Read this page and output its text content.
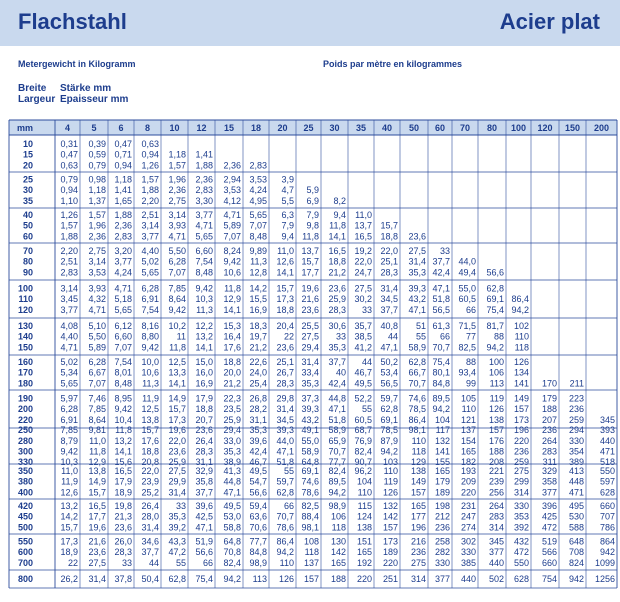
Flachstahl	Acier plat
Metergewicht in Kilogramm	Poids par mètre en kilogrammes
Breite Stärke mm
Largeur Epaisseur mm
mm	4 5 6 8 10 12 15 18 20 25 30 35 40 50 60 70 80 100 120 150 200
10	0,31 0,39 0,47 0,63
15	0,47 0,59 0,71 0,94 1,18 1,41
20	0,63 0,79 0,94 1,26 1,57 1,88 2,36 2,83
25	0,79 0,98 1,18 1,57 1,96 2,36 2,94 3,53 3,9
30	0,94 1,18 1,41 1,88 2,36 2,83 3,53 4,24 4,7 5,9
35	1,10 1,37 1,65 2,20 2,75 3,30 4,12 4,95 5,5 6,9 8,2
40	1,26 1,57 1,88 2,51 3,14 3,77 4,71 5,65 6,3 7,9 9,4 11,0
50	1,57 1,96 2,36 3,14 3,93 4,71 5,89 7,07 7,9 9,8 11,8 13,7 15,7
60	1,88 2,36 2,83 3,77 4,71 5,65 7,07 8,48 9,4 11,8 14,1 16,5 18,8 23,6
70	2,20 2,75 3,20 4,40 5,50 6,60 8,24 9,89 11,0 13,7 16,5 19,2 22,0 27,5 33
80	2,51 3,14 3,77 5,02 6,28 7,54 9,42 11,3 12,6 15,7 18,8 22,0 25,1 31,4 37,7 44,0
90	2,83 3,53 4,24 5,65 7,07 8,48 10,6 12,8 14,1 17,7 21,2 24,7 28,3 35,3 42,4 49,4 56,6
100	3,14 3,93 4,71 6,28 7,85 9,42 11,8 14,2 15,7 19,6 23,6 27,5 31,4 39,3 47,1 55,0 62,8
110	3,45 4,32 5,18 6,91 8,64 10,3 12,9 15,5 17,3 21,6 25,9 30,2 34,5 43,2 51,8 60,5 69,1 86,4
120	3,77 4,71 5,65 7,54 9,42 11,3 14,1 16,9 18,8 23,6 28,3 33 37,7 47,1 56,5 66 75,4 94,2
130	4,08 5,10 6,12 8,16 10,2 12,2 15,3 18,3 20,4 25,5 30,6 35,7 40,8 51 61,3 71,5 81,7 102
140	4,40 5,50 6,60 8,80 11 13,2 16,4 19,7 22 27,5 33 38,5 44 55 66 77 88 110
150	4,71 5,89 7,07 9,42 11,8 14,1 17,6 21,2 23,6 29,4 35,3 41,2 47,1 58,9 70,7 82,5 94,2 118
160	5,02 6,28 7,54 10,0 12,5 15,0 18,8 22,6 25,1 31,4 37,7 44 50,2 62,8 75,4 88 100 126
170	5,34 6,67 8,01 10,6 13,3 16,0 20,0 24,0 26,7 33,4 40 46,7 53,4 66,7 80,1 93,4 106 134
180	5,65 7,07 8,48 11,3 14,1 16,9 21,2 25,4 28,3 35,3 42,4 49,5 56,5 70,7 84,8 99 113 141 170 211
190	5,97 7,46 8,95 11,9 14,9 17,9 22,3 26,8 29,8 37,3 44,8 52,2 59,7 74,6 89,5 105 119 149 179 223
200	6,28 7,85 9,42 12,5 15,7 18,8 23,5 28,2 31,4 39,3 47,1 55 62,8 78,5 94,2 110 126 157 188 236
220	6,91 8,64 10,4 13,8 17,3 20,7 25,9 31,1 34,5 43,2 51,8 60,5 69,1 86,4 104 121 138 173 207 259 345
250	7,85 9,81 11,8 15,7 19,6 23,6 29,4 35,3 39,3 49,1 58,9 68,7 78,5 98,1 117 137 157 196 236 294 393
280	8,79 11,0 13,2 17,6 22,0 26,4 33,0 39,6 44,0 55,0 65,9 76,9 87,9 110 132 154 176 220 264 330 440
300	9,42 11,8 14,1 18,8 23,6 28,3 35,3 42,4 47,1 58,9 70,7 82,4 94,2 118 141 165 188 236 283 354 471
330	10,3 12,9 15,6 20,8 25,9 31,1 38,9 46,7 51,8 64,8 77,7 90,7 103 129 155 182 208 259 311 389 518
350	11,0 13,8 16,5 22,0 27,5 32,9 41,3 49,5 55 69,1 82,4 96,2 110 138 165 193 221 275 329 413 550
380	11,9 14,9 17,9 23,9 29,9 35,8 44,8 54,7 59,7 74,6 89,5 104 119 149 179 209 239 299 358 448 597
400	12,6 15,7 18,9 25,2 31,4 37,7 47,1 56,6 62,8 78,6 94,2 110 126 157 189 220 256 314 377 471 628
420	13,2 16,5 19,8 26,4 33 39,6 49,5 59,4 66 82,5 98,9 115 132 165 198 231 264 330 396 495 660
450	14,2 17,7 21,3 28,0 35,3 42,5 53,0 63,6 70,7 88,4 106 124 142 177 212 247 283 353 425 530 707
500	15,7 19,6 23,6 31,4 39,2 47,1 58,8 70,6 78,6 98,1 118 138 157 196 236 274 314 392 472 588 786
550	17,3 21,6 26,0 34,6 43,3 51,9 64,8 77,7 86,4 108 130 151 173 216 258 302 345 432 519 648 864
600	18,9 23,6 28,3 37,7 47,2 56,6 70,8 84,8 94,2 118 142 165 189 236 282 330 377 472 566 708 942
700	22 27,5 33 44 55 66 82,4 98,9 110 137 165 192 220 275 330 385 440 550 660 824 1099
800	26,2 31,4 37,8 50,4 62,8 75,4 94,2 113 126 157 188 220 251 314 377 440 502 628 754 942 1256
